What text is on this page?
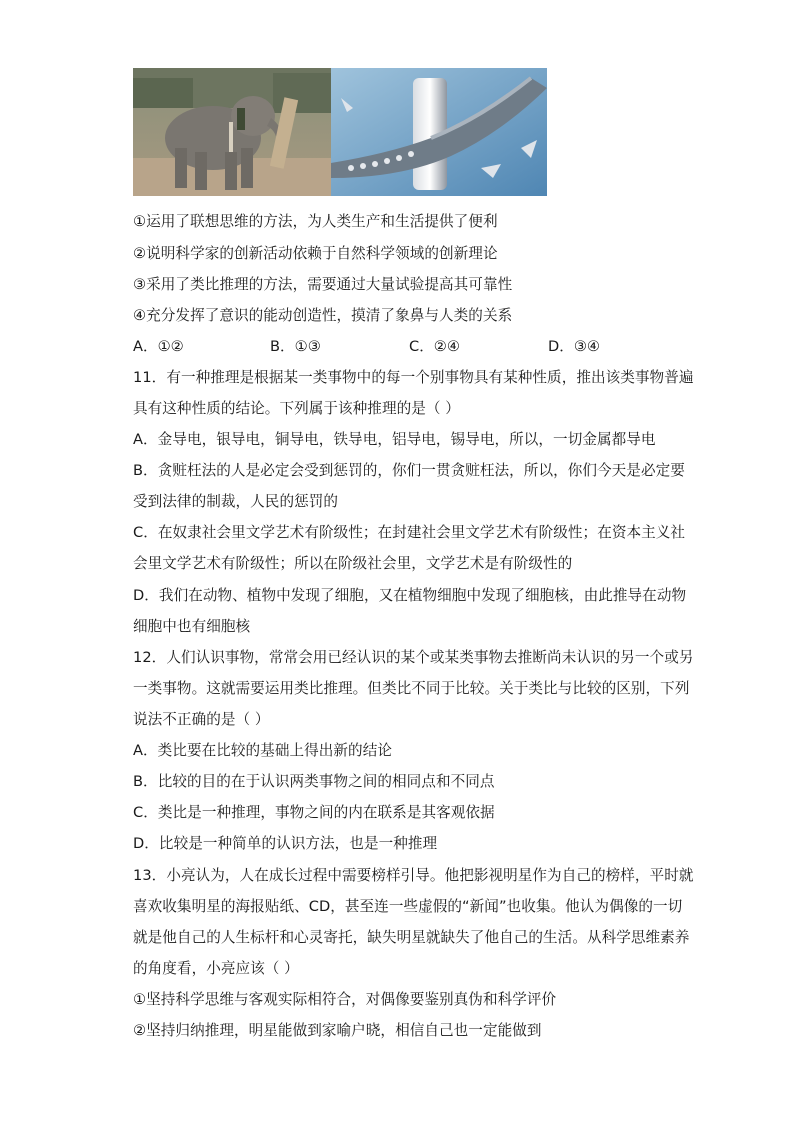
①运用了联想思维的方法，为人类生产和生活提供了便利
②说明科学家的创新活动依赖于自然科学领域的创新理论
③采用了类比推理的方法，需要通过大量试验提高其可靠性
④充分发挥了意识的能动创造性，摸清了象鼻与人类的关系
A．①②	B．①③	C．②④	D．③④
11．有一种推理是根据某一类事物中的每一个别事物具有某种性质，推出该类事物普遍
具有这种性质的结论。下列属于该种推理的是（ ）
A．金导电，银导电，铜导电，铁导电，铝导电，锡导电，所以，一切金属都导电
B．贪赃枉法的人是必定会受到惩罚的，你们一贯贪赃枉法，所以，你们今天是必定要
受到法律的制裁，人民的惩罚的
C．在奴隶社会里文学艺术有阶级性；在封建社会里文学艺术有阶级性；在资本主义社
会里文学艺术有阶级性；所以在阶级社会里，文学艺术是有阶级性的
D．我们在动物、植物中发现了细胞，又在植物细胞中发现了细胞核，由此推导在动物
细胞中也有细胞核
12．人们认识事物，常常会用已经认识的某个或某类事物去推断尚未认识的另一个或另
一类事物。这就需要运用类比推理。但类比不同于比较。关于类比与比较的区别，下列
说法不正确的是（ ）
A．类比要在比较的基础上得出新的结论
B．比较的目的在于认识两类事物之间的相同点和不同点
C．类比是一种推理，事物之间的内在联系是其客观依据
D．比较是一种简单的认识方法，也是一种推理
13．小亮认为，人在成长过程中需要榜样引导。他把影视明星作为自己的榜样，平时就
喜欢收集明星的海报贴纸、CD，甚至连一些虚假的“新闻”也收集。他认为偶像的一切
就是他自己的人生标杆和心灵寄托，缺失明星就缺失了他自己的生活。从科学思维素养
的角度看，小亮应该（ ）
①坚持科学思维与客观实际相符合，对偶像要鉴别真伪和科学评价
②坚持归纳推理，明星能做到家喻户晓，相信自己也一定能做到
